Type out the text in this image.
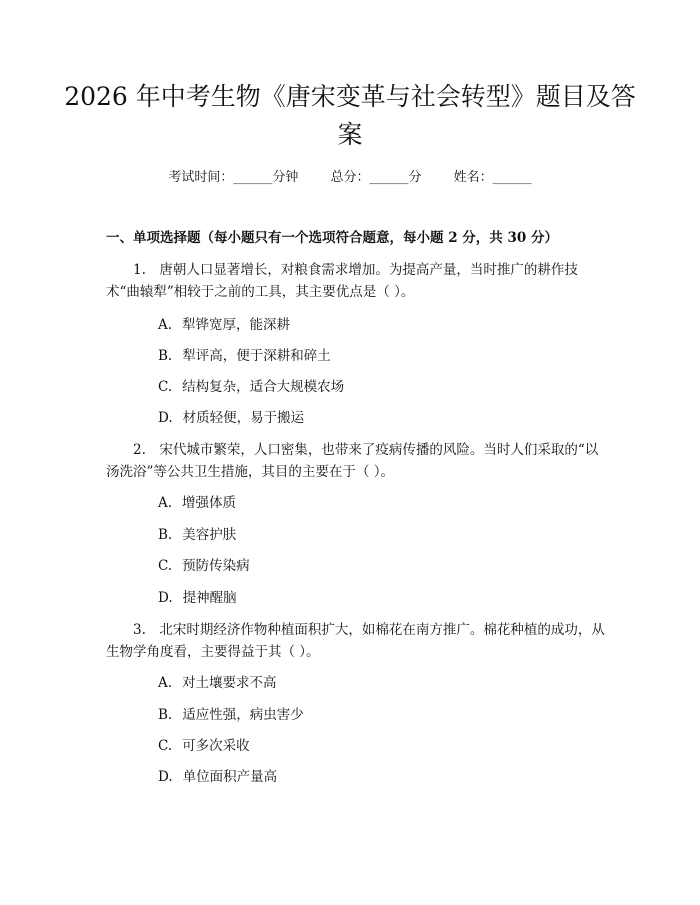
2026 年中考生物《唐宋变革与社会转型》题目及答案
考试时间：______分钟 总分：______分 姓名：______
一、单项选择题（每小题只有一个选项符合题意，每小题 2 分，共 30 分）
1.　唐朝人口显著增长，对粮食需求增加。为提高产量，当时推广的耕作技术“曲辕犁”相较于之前的工具，其主要优点是（ ）。
A. 犁铧宽厚，能深耕
B. 犁评高，便于深耕和碎土
C. 结构复杂，适合大规模农场
D. 材质轻便，易于搬运
2.　宋代城市繁荣，人口密集，也带来了疫病传播的风险。当时人们采取的“以汤洗浴”等公共卫生措施，其目的主要在于（ ）。
A. 增强体质
B. 美容护肤
C. 预防传染病
D. 提神醒脑
3.　北宋时期经济作物种植面积扩大，如棉花在南方推广。棉花种植的成功，从生物学角度看，主要得益于其（ ）。
A. 对土壤要求不高
B. 适应性强，病虫害少
C. 可多次采收
D. 单位面积产量高
